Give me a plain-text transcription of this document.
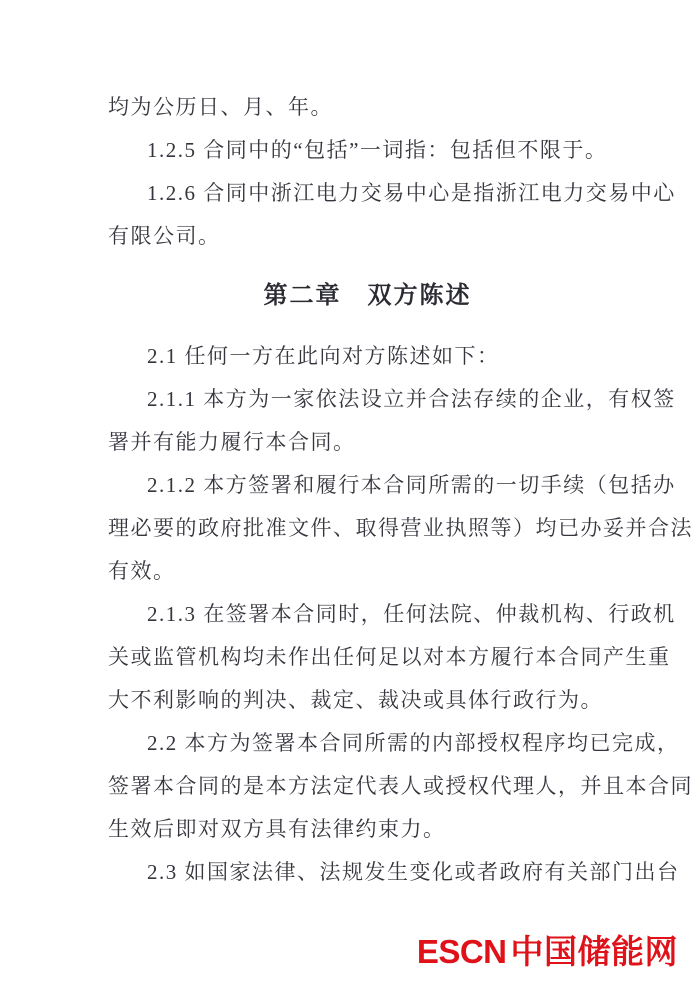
均为公历日、月、年。
1.2.5 合同中的“包括”一词指：包括但不限于。
1.2.6 合同中浙江电力交易中心是指浙江电力交易中心
有限公司。
第二章　双方陈述
2.1 任何一方在此向对方陈述如下：
2.1.1 本方为一家依法设立并合法存续的企业，有权签
署并有能力履行本合同。
2.1.2 本方签署和履行本合同所需的一切手续（包括办
理必要的政府批准文件、取得营业执照等）均已办妥并合法
有效。
2.1.3 在签署本合同时，任何法院、仲裁机构、行政机
关或监管机构均未作出任何足以对本方履行本合同产生重
大不利影响的判决、裁定、裁决或具体行政行为。
2.2 本方为签署本合同所需的内部授权程序均已完成，
签署本合同的是本方法定代表人或授权代理人，并且本合同
生效后即对双方具有法律约束力。
2.3 如国家法律、法规发生变化或者政府有关部门出台
ESCN 中国储能网
